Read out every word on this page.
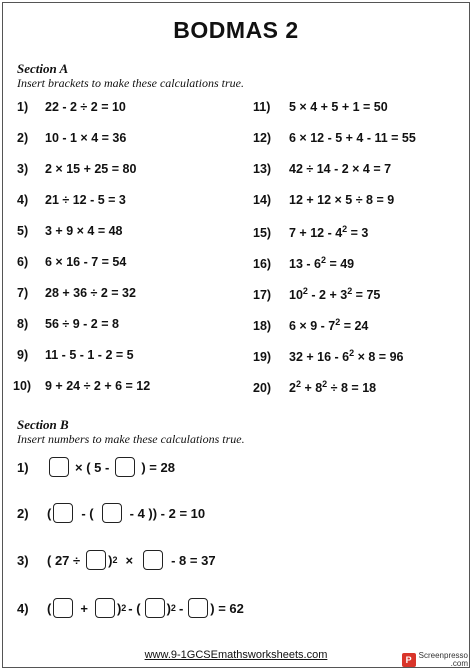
BODMAS 2
Section A
Insert brackets to make these calculations true.
1) 22 - 2 ÷ 2 = 10
2) 10 - 1 × 4 = 36
3) 2 × 15 + 25 = 80
4) 21 ÷ 12 - 5 = 3
5) 3 + 9 × 4 = 48
6) 6 × 16 - 7 = 54
7) 28 + 36 ÷ 2 = 32
8) 56 ÷ 9 - 2 = 8
9) 11 - 5 - 1 - 2 = 5
10) 9 + 24 ÷ 2 + 6 = 12
11) 5 × 4 + 5 + 1 = 50
12) 6 × 12 - 5 + 4 - 11 = 55
13) 42 ÷ 14 - 2 × 4 = 7
14) 12 + 12 × 5 ÷ 8 = 9
15) $7 + 12 - 4^2 = 3$
16) $13 - 6^2 = 49$
17) $10^2 - 2 + 3^2 = 75$
18) $6 \times 9 - 7^2 = 24$
19) $32 + 16 - 6^2 \times 8 = 96$
20) $2^2 + 8^2 \div 8 = 18$
Section B
Insert numbers to make these calculations true.
1)	× ( 5 - ) = 28
2)	( - (	- 4 )) - 2 = 10
3)	( 27 ÷ ) 2 ×	- 8 = 37
4)	( + ) 2 - ( ) 2 - ) = 62
www.9-1GCSEmathsworksheets.com	P Screenpresso
.com
